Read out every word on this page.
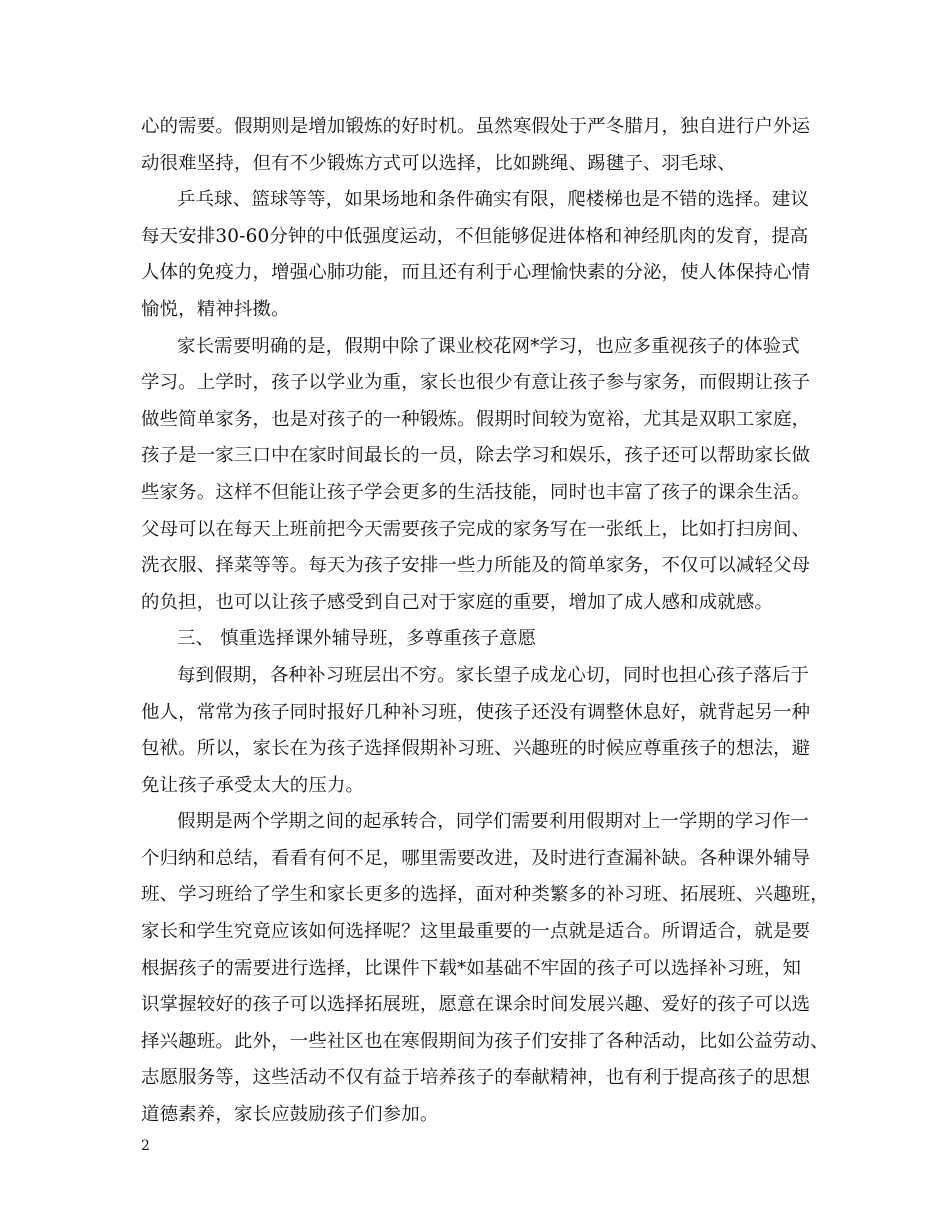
心的需要。假期则是增加锻炼的好时机。虽然寒假处于严冬腊月，独自进行户外运
动很难坚持，但有不少锻炼方式可以选择，比如跳绳、踢毽子、羽毛球、
乒乓球、篮球等等，如果场地和条件确实有限，爬楼梯也是不错的选择。建议
每天安排30-60分钟的中低强度运动，不但能够促进体格和神经肌肉的发育，提高
人体的免疫力，增强心肺功能，而且还有利于心理愉快素的分泌，使人体保持心情
愉悦，精神抖擞。
家长需要明确的是，假期中除了课业校花网*学习，也应多重视孩子的体验式
学习。上学时，孩子以学业为重，家长也很少有意让孩子参与家务，而假期让孩子
做些简单家务，也是对孩子的一种锻炼。假期时间较为宽裕，尤其是双职工家庭，
孩子是一家三口中在家时间最长的一员，除去学习和娱乐，孩子还可以帮助家长做
些家务。这样不但能让孩子学会更多的生活技能，同时也丰富了孩子的课余生活。
父母可以在每天上班前把今天需要孩子完成的家务写在一张纸上，比如打扫房间、
洗衣服、择菜等等。每天为孩子安排一些力所能及的简单家务，不仅可以减轻父母
的负担，也可以让孩子感受到自己对于家庭的重要，增加了成人感和成就感。
三、 慎重选择课外辅导班，多尊重孩子意愿
每到假期，各种补习班层出不穷。家长望子成龙心切，同时也担心孩子落后于
他人，常常为孩子同时报好几种补习班，使孩子还没有调整休息好，就背起另一种
包袱。所以，家长在为孩子选择假期补习班、兴趣班的时候应尊重孩子的想法，避
免让孩子承受太大的压力。
假期是两个学期之间的起承转合，同学们需要利用假期对上一学期的学习作一
个归纳和总结，看看有何不足，哪里需要改进，及时进行查漏补缺。各种课外辅导
班、学习班给了学生和家长更多的选择，面对种类繁多的补习班、拓展班、兴趣班，
家长和学生究竟应该如何选择呢？这里最重要的一点就是适合。所谓适合，就是要
根据孩子的需要进行选择，比课件下载*如基础不牢固的孩子可以选择补习班，知
识掌握较好的孩子可以选择拓展班，愿意在课余时间发展兴趣、爱好的孩子可以选
择兴趣班。此外，一些社区也在寒假期间为孩子们安排了各种活动，比如公益劳动、
志愿服务等，这些活动不仅有益于培养孩子的奉献精神，也有利于提高孩子的思想
道德素养，家长应鼓励孩子们参加。
2
